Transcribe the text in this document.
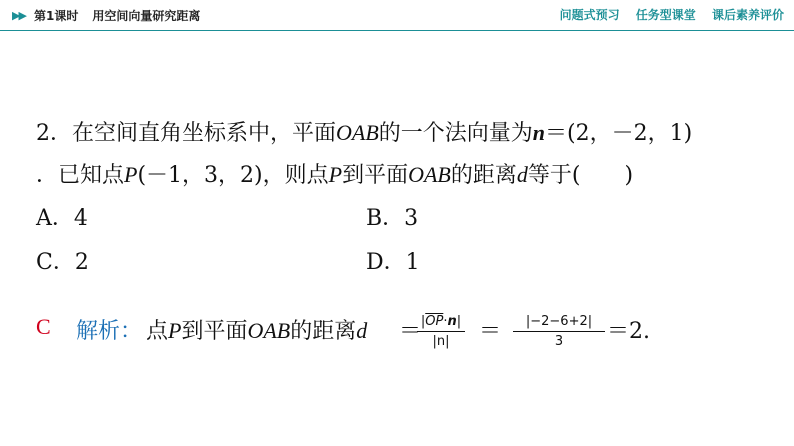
▶▶ 第1课时 用空间向量研究距离	问题式预习 任务型课堂 课后素养评价
2．在空间直角坐标系中，平面OAB的一个法向量为n＝(2，－2，1)
．已知点P(－1，3，2)，则点P到平面OAB的距离d等于(　　)
A．4	B．3
C．2	D．1
C 解析： 点P到平面OAB的距离d ＝
$\frac{|\overline{OP}\cdot n|}{|n|} = \frac{|-2-6+2|}{3} =2$.
